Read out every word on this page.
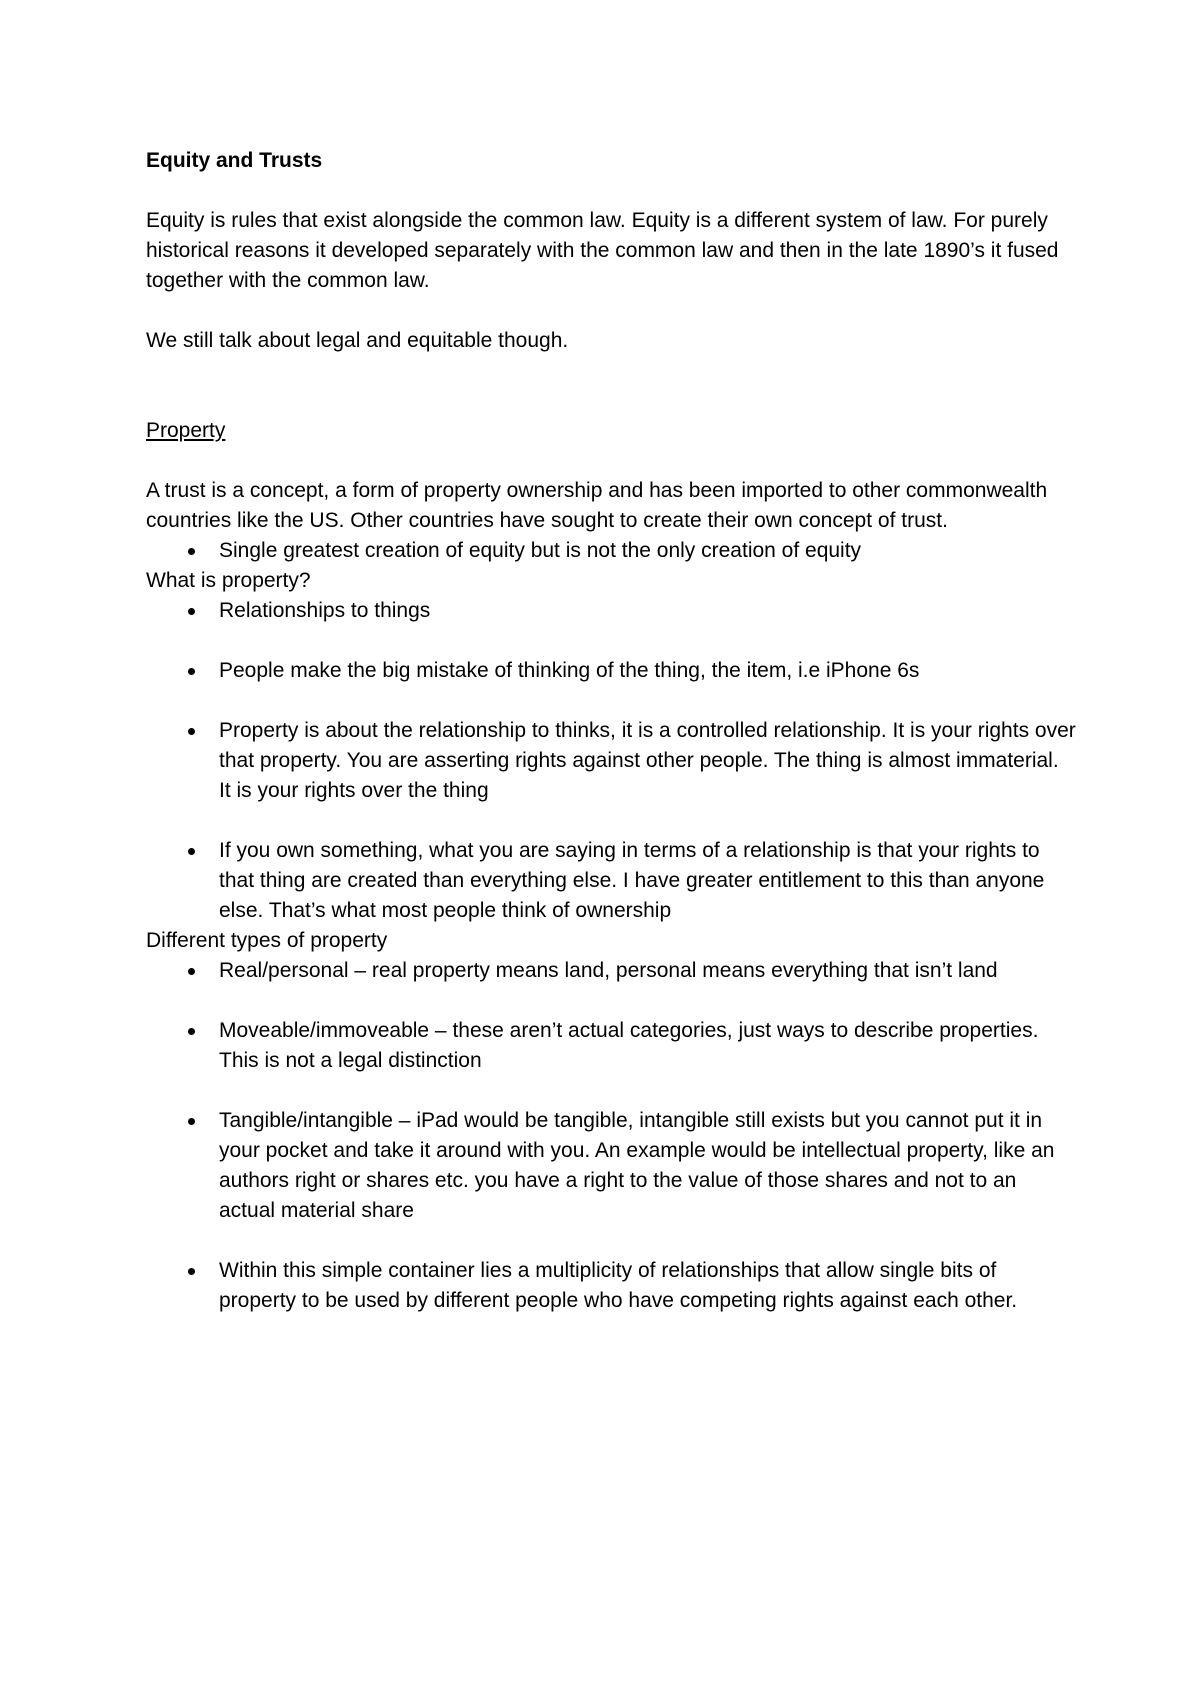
Equity and Trusts

Equity is rules that exist alongside the common law. Equity is a different system of law. For purely historical reasons it developed separately with the common law and then in the late 1890’s it fused together with the common law.

We still talk about legal and equitable though.

Property

A trust is a concept, a form of property ownership and has been imported to other commonwealth countries like the US. Other countries have sought to create their own concept of trust.

Single greatest creation of equity but is not the only creation of equity

What is property?

Relationships to things
People make the big mistake of thinking of the thing, the item, i.e iPhone 6s
Property is about the relationship to thinks, it is a controlled relationship. It is your rights over that property. You are asserting rights against other people. The thing is almost immaterial. It is your rights over the thing
If you own something, what you are saying in terms of a relationship is that your rights to that thing are created than everything else. I have greater entitlement to this than anyone else. That’s what most people think of ownership

Different types of property

Real/personal – real property means land, personal means everything that isn’t land
Moveable/immoveable – these aren’t actual categories, just ways to describe properties. This is not a legal distinction
Tangible/intangible – iPad would be tangible, intangible still exists but you cannot put it in your pocket and take it around with you. An example would be intellectual property, like an authors right or shares etc. you have a right to the value of those shares and not to an actual material share
Within this simple container lies a multiplicity of relationships that allow single bits of property to be used by different people who have competing rights against each other.
